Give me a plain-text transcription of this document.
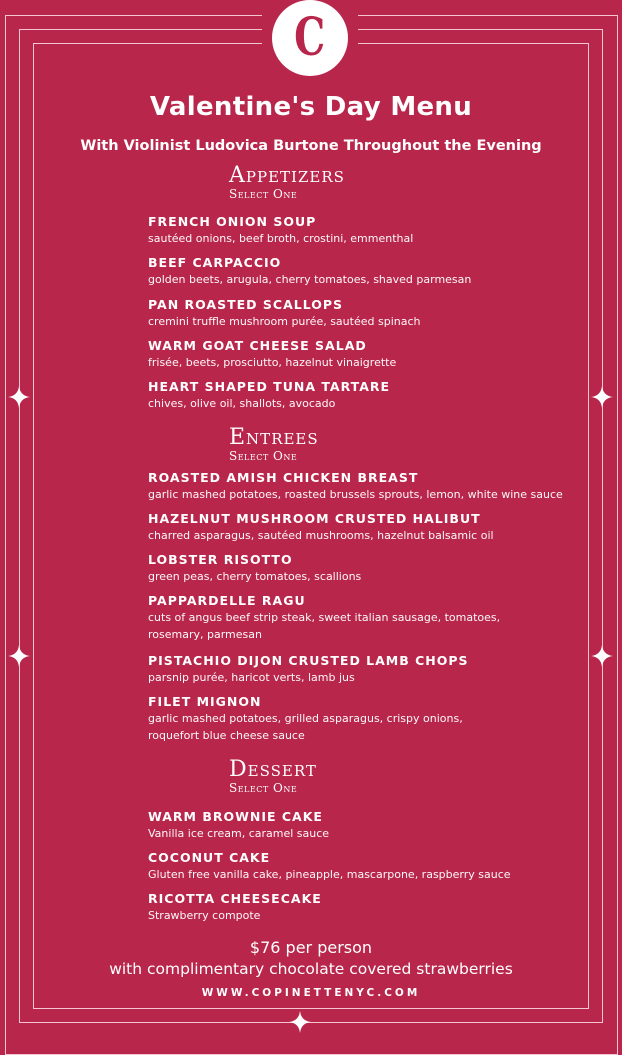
C
Valentine's Day Menu
With Violinist Ludovica Burtone Throughout the Evening
Appetizers
Select One
FRENCH ONION SOUP
sautéed onions, beef broth, crostini, emmenthal
BEEF CARPACCIO
golden beets, arugula, cherry tomatoes, shaved parmesan
PAN ROASTED SCALLOPS
cremini truffle mushroom purée, sautéed spinach
WARM GOAT CHEESE SALAD
frisée, beets, prosciutto, hazelnut vinaigrette
HEART SHAPED TUNA TARTARE
chives, olive oil, shallots, avocado
Entrees
Select One
ROASTED AMISH CHICKEN BREAST
garlic mashed potatoes, roasted brussels sprouts, lemon, white wine sauce
HAZELNUT MUSHROOM CRUSTED HALIBUT
charred asparagus, sautéed mushrooms, hazelnut balsamic oil
LOBSTER RISOTTO
green peas, cherry tomatoes, scallions
PAPPARDELLE RAGU
cuts of angus beef strip steak, sweet italian sausage, tomatoes, rosemary, parmesan
PISTACHIO DIJON CRUSTED LAMB CHOPS
parsnip purée, haricot verts, lamb jus
FILET MIGNON
garlic mashed potatoes, grilled asparagus, crispy onions,
roquefort blue cheese sauce
Dessert
Select One
WARM BROWNIE CAKE
Vanilla ice cream, caramel sauce
COCONUT CAKE
Gluten free vanilla cake, pineapple, mascarpone, raspberry sauce
RICOTTA CHEESECAKE
Strawberry compote
$76 per person
with complimentary chocolate covered strawberries
WWW.COPINETTENYC.COM
